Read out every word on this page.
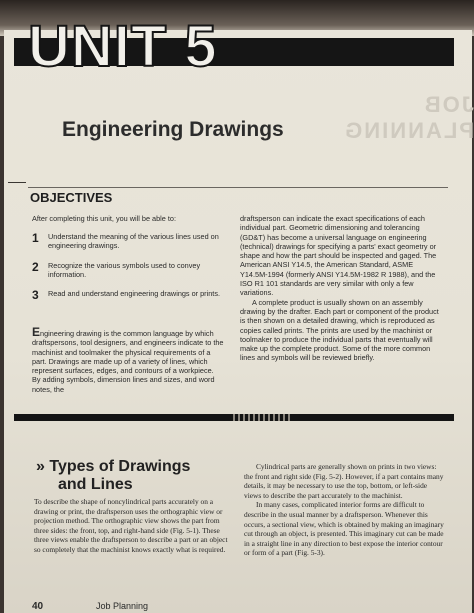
UNIT 5
JOB PLANNING
Engineering Drawings
OBJECTIVES
After completing this unit, you will be able to:
1	Understand the meaning of the various lines used on engineering drawings.
2	Recognize the various symbols used to convey information.
3	Read and understand engineering drawings or prints.

Engineering drawing is the common language by which draftspersons, tool designers, and engineers indicate to the machinist and toolmaker the physical requirements of a part. Drawings are made up of a variety of lines, which represent surfaces, edges, and contours of a workpiece. By adding symbols, dimension lines and sizes, and word notes, the

draftsperson can indicate the exact specifications of each individual part. Geometric dimensioning and tolerancing (GD&T) has become a universal language on engineering (technical) drawings for specifying a parts' exact geometry or shape and how the part should be inspected and gaged. The American ANSI Y14.5, the American Standard, ASME Y14.5M-1994 (formerly ANSI Y14.5M-1982 R 1988), and the ISO R1 101 standards are very similar with only a few variations.

A complete product is usually shown on an assembly drawing by the drafter. Each part or component of the product is then shown on a detailed drawing, which is reproduced as copies called prints. The prints are used by the machinist or toolmaker to produce the individual parts that eventually will make up the complete product. Some of the more common lines and symbols will be reviewed briefly.

» Types of Drawings
and Lines
To describe the shape of noncylindrical parts accurately on a drawing or print, the draftsperson uses the orthographic view or projection method. The orthographic view shows the part from three sides: the front, top, and right-hand side (Fig. 5-1). These three views enable the draftsperson to describe a part or an object so completely that the machinist knows exactly what is required.

Cylindrical parts are generally shown on prints in two views: the front and right side (Fig. 5-2). However, if a part contains many details, it may be necessary to use the top, bottom, or left-side views to describe the part accurately to the machinist.

In many cases, complicated interior forms are difficult to describe in the usual manner by a draftsperson. Whenever this occurs, a sectional view, which is obtained by making an imaginary cut through an object, is presented. This imaginary cut can be made in a straight line in any direction to best expose the interior contour or form of a part (Fig. 5-3).

40	Job Planning
